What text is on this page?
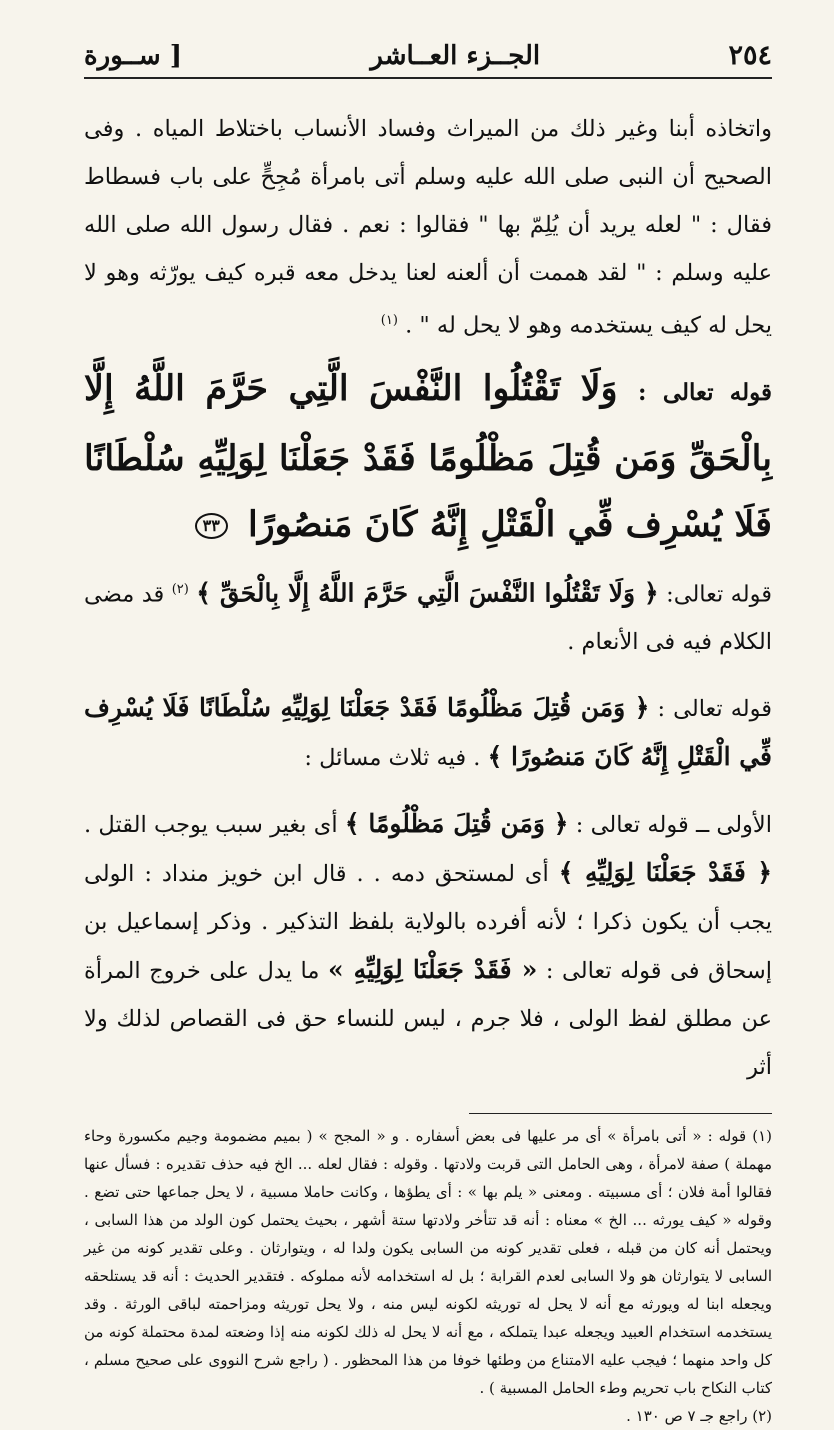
٢٥٤
الجــزء العــاشر
[ ســورة

واتخاذه أبنا وغير ذلك من الميراث وفساد الأنساب باختلاط المياه . وفى الصحيح أن النبى صلى الله عليه وسلم أتى بامرأة مُجِحٍّ على باب فسطاط فقال : " لعله يريد أن يُلِمّ بها " فقالوا : نعم . فقال رسول الله صلى الله عليه وسلم : " لقد هممت أن ألعنه لعنا يدخل معه قبره كيف يورّثه وهو لا يحل له كيف يستخدمه وهو لا يحل له " . $^{(١)}$

قوله تعالى : وَلَا تَقْتُلُوا النَّفْسَ الَّتِي حَرَّمَ اللَّهُ إِلَّا بِالْحَقِّ وَمَن قُتِلَ مَظْلُومًا فَقَدْ جَعَلْنَا لِوَلِيِّهِ سُلْطَانًا فَلَا يُسْرِف فِّي الْقَتْلِ إِنَّهُ كَانَ مَنصُورًا ٣٣

قوله تعالى: ﴿ وَلَا تَقْتُلُوا النَّفْسَ الَّتِي حَرَّمَ اللَّهُ إِلَّا بِالْحَقِّ ﴾ $^{(٢)}$ قد مضى الكلام فيه فى الأنعام .

قوله تعالى : ﴿ وَمَن قُتِلَ مَظْلُومًا فَقَدْ جَعَلْنَا لِوَلِيِّهِ سُلْطَانًا فَلَا يُسْرِف فِّي الْقَتْلِ إِنَّهُ كَانَ مَنصُورًا ﴾ . فيه ثلاث مسائل :

الأولى ــ قوله تعالى : ﴿ وَمَن قُتِلَ مَظْلُومًا ﴾ أى بغير سبب يوجب القتل . ﴿ فَقَدْ جَعَلْنَا لِوَلِيِّهِ ﴾ أى لمستحق دمه . . قال ابن خويز منداد : الولى يجب أن يكون ذكرا ؛ لأنه أفرده بالولاية بلفظ التذكير . وذكر إسماعيل بن إسحاق فى قوله تعالى : « فَقَدْ جَعَلْنَا لِوَلِيِّهِ » ما يدل على خروج المرأة عن مطلق لفظ الولى ، فلا جرم ، ليس للنساء حق فى القصاص لذلك ولا أثر

(١) قوله : « أتى بامرأة » أى مر عليها فى بعض أسفاره . و « المجح » ( بميم مضمومة وجيم مكسورة وحاء مهملة ) صفة لامرأة ، وهى الحامل التى قربت ولادتها . وقوله : فقال لعله ... الخ فيه حذف تقديره : فسأل عنها فقالوا أمة فلان ؛ أى مسبيته . ومعنى « يلم بها » : أى يطؤها ، وكانت حاملا مسبية ، لا يحل جماعها حتى تضع . وقوله « كيف يورثه ... الخ » معناه : أنه قد تتأخر ولادتها ستة أشهر ، بحيث يحتمل كون الولد من هذا السابى ، ويحتمل أنه كان من قبله ، فعلى تقدير كونه من السابى يكون ولدا له ، ويتوارثان . وعلى تقدير كونه من غير السابى لا يتوارثان هو ولا السابى لعدم القرابة ؛ بل له استخدامه لأنه مملوكه . فتقدير الحديث : أنه قد يستلحقه ويجعله ابنا له ويورثه مع أنه لا يحل له توريثه لكونه ليس منه ، ولا يحل توريثه ومزاحمته لباقى الورثة . وقد يستخدمه استخدام العبيد ويجعله عبدا يتملكه ، مع أنه لا يحل له ذلك لكونه منه إذا وضعته لمدة محتملة كونه من كل واحد منهما ؛ فيجب عليه الامتناع من وطئها خوفا من هذا المحظور . ( راجع شرح النووى على صحيح مسلم ، كتاب النكاح باب تحريم وطء الحامل المسبية ) .

(٢) راجع جـ ٧ ص ١٣٠ .
